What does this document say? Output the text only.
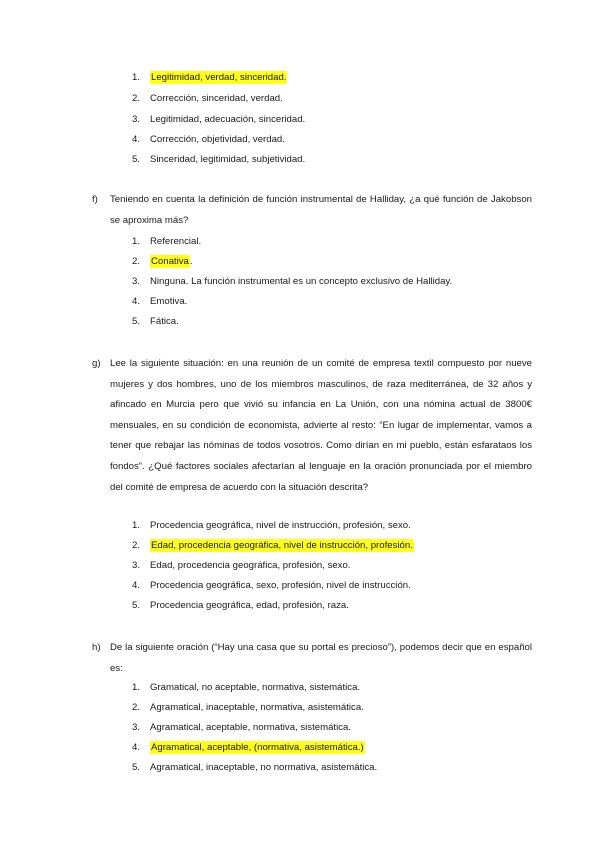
1. Legitimidad, verdad, sinceridad.
2. Corrección, sinceridad, verdad.
3. Legitimidad, adecuación, sinceridad.
4. Corrección, objetividad, verdad.
5. Sinceridad, legitimidad, subjetividad.
f) Teniendo en cuenta la definición de función instrumental de Halliday, ¿a qué función de Jakobson se aproxima más?
1. Referencial.
2. Conativa.
3. Ninguna. La función instrumental es un concepto exclusivo de Halliday.
4. Emotiva.
5. Fática.
g) Lee la siguiente situación: en una reunión de un comité de empresa textil compuesto por nueve mujeres y dos hombres, uno de los miembros masculinos, de raza mediterránea, de 32 años y afincado en Murcia pero que vivió su infancia en La Unión, con una nómina actual de 3800€ mensuales, en su condición de economista, advierte al resto: “En lugar de implementar, vamos a tener que rebajar las nóminas de todos vosotros. Como dirían en mi pueblo, están esfarataos los fondos”. ¿Qué factores sociales afectarían al lenguaje en la oración pronunciada por el miembro del comité de empresa de acuerdo con la situación descrita?
1. Procedencia geográfica, nivel de instrucción, profesión, sexo.
2. Edad, procedencia geográfica, nivel de instrucción, profesión.
3. Edad, procedencia geográfica, profesión, sexo.
4. Procedencia geográfica, sexo, profesión, nivel de instrucción.
5. Procedencia geográfica, edad, profesión, raza.
h) De la siguiente oración (“Hay una casa que su portal es precioso”), podemos decir que en español es:
1. Gramatical, no aceptable, normativa, sistemática.
2. Agramatical, inaceptable, normativa, asistemática.
3. Agramatical, aceptable, normativa, sistemática.
4. Agramatical, aceptable, (normativa, asistemática.)
5. Agramatical, inaceptable, no normativa, asistemática.
